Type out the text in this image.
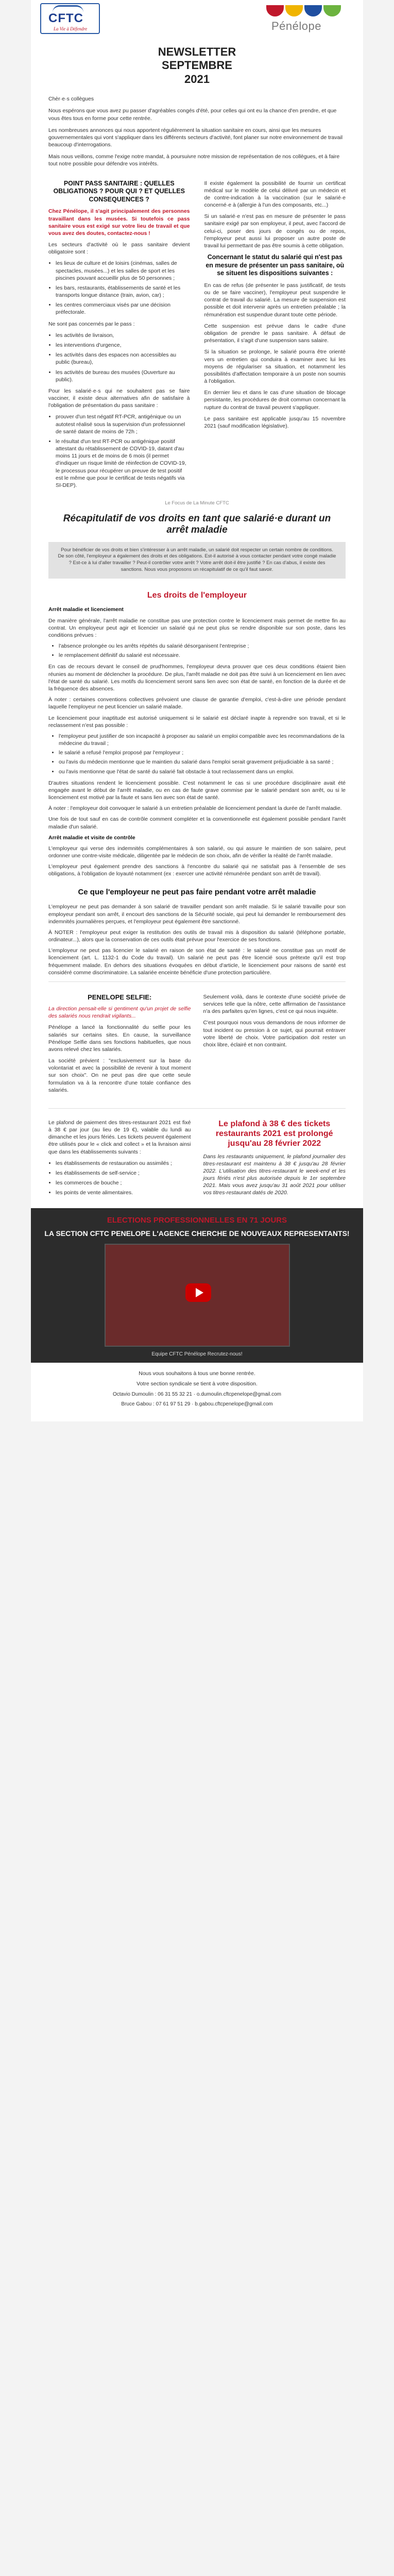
CFTC
La Vie à Défendre	Pénélope
NEWSLETTER
SEPTEMBRE
2021

Chèr·e·s collègues

Nous espérons que vous avez pu passer d'agréables congés d'été, pour celles qui ont eu la chance d'en prendre, et que vous êtes tous en forme pour cette rentrée.

Les nombreuses annonces qui nous apportent régulièrement la situation sanitaire en cours, ainsi que les mesures gouvernementales qui vont s'appliquer dans les différents secteurs d'activité, font planer sur notre environnement de travail beaucoup d'interrogations.

Mais nous veillons, comme l'exige notre mandat, à poursuivre notre mission de représentation de nos collègues, et à faire tout notre possible pour défendre vos intérêts.

POINT PASS SANITAIRE : QUELLES OBLIGATIONS ? POUR QUI ? ET QUELLES CONSEQUENCES ?

Chez Pénélope, il s'agit principalement des personnes travaillant dans les musées. Si toutefois ce pass sanitaire vous est exigé sur votre lieu de travail et que vous avez des doutes, contactez-nous !

Les secteurs d'activité où le pass sanitaire devient obligatoire sont :

• les lieux de culture et de loisirs (cinémas, salles de spectacles, musées...) et les salles de sport et les piscines pouvant accueillir plus de 50 personnes ;
• les bars, restaurants, établissements de santé et les transports longue distance (train, avion, car) ;
• les centres commerciaux visés par une décision préfectorale.

Ne sont pas concernés par le pass :

• les activités de livraison,
• les interventions d'urgence,
• les activités dans des espaces non accessibles au public (bureau),
• les activités de bureau des musées (Ouverture au public).

Pour les salarié·e·s qui ne souhaitent pas se faire vacciner, il existe deux alternatives afin de satisfaire à l'obligation de présentation du pass sanitaire :

• prouver d'un test négatif RT-PCR, antigénique ou un autotest réalisé sous la supervision d'un professionnel de santé datant de moins de 72h ;
• le résultat d'un test RT-PCR ou antigénique positif attestant du rétablissement de COVID-19, datant d'au moins 11 jours et de moins de 6 mois (il permet d'indiquer un risque limité de réinfection de COVID-19, le processus pour récupérer un preuve de test positif est le même que pour le certificat de tests négatifs via SI-DEP).

Il existe également la possibilité de fournir un certificat médical sur le modèle de celui délivré par un médecin et de contre-indication à la vaccination (sur le salarié·e concerné·e à (allergie à l'un des composants, etc...)

Si un salarié·e n'est pas en mesure de présenter le pass sanitaire exigé par son employeur, il peut, avec l'accord de celui-ci, poser des jours de congés ou de repos, l'employeur peut aussi lui proposer un autre poste de travail lui permettant de pas être soumis à cette obligation.

Concernant le statut du salarié qui n'est pas en mesure de présenter un pass sanitaire, où se situent les dispositions suivantes :

En cas de refus (de présenter le pass justificatif, de tests ou de se faire vacciner), l'employeur peut suspendre le contrat de travail du salarié. La mesure de suspension est possible et doit intervenir après un entretien préalable ; la rémunération est suspendue durant toute cette période.

Cette suspension est prévue dans le cadre d'une obligation de prendre le pass sanitaire. À défaut de présentation, il s'agit d'une suspension sans salaire.

Si la situation se prolonge, le salarié pourra être orienté vers un entretien qui conduira à examiner avec lui les moyens de régulariser sa situation, et notamment les possibilités d'affectation temporaire à un poste non soumis à l'obligation.

En dernier lieu et dans le cas d'une situation de blocage persistante, les procédures de droit commun concernant la rupture du contrat de travail peuvent s'appliquer.

Le pass sanitaire est applicable jusqu'au 15 novembre 2021 (sauf modification législative).

Le Focus de La Minute CFTC
Récapitulatif de vos droits en tant que salarié·e durant un arrêt maladie
Pour bénéficier de vos droits et bien s'intéresser à un arrêt maladie, un salarié doit respecter un certain nombre de conditions. De son côté, l'employeur a également des droits et des obligations. Est-il autorisé à vous contacter pendant votre congé maladie ? Est-ce à lui d'aller travailler ? Peut-il contrôler votre arrêt ? Votre arrêt doit-il être justifié ? En cas d'abus, il existe des sanctions. Nous vous proposons un récapitulatif de ce qu'il faut savoir.
Les droits de l'employeur

Arrêt maladie et licenciement

De manière générale, l'arrêt maladie ne constitue pas une protection contre le licenciement mais permet de mettre fin au contrat. Un employeur peut agir et licencier un salarié qui ne peut plus se rendre disponible sur son poste, dans les conditions prévues :

• l'absence prolongée ou les arrêts répétés du salarié désorganisent l'entreprise ;
• le remplacement définitif du salarié est nécessaire.

En cas de recours devant le conseil de prud'hommes, l'employeur devra prouver que ces deux conditions étaient bien réunies au moment de déclencher la procédure. De plus, l'arrêt maladie ne doit pas être suivi à un licenciement en lien avec l'état de santé du salarié. Les motifs du licenciement seront sans lien avec son état de santé, en fonction de la durée et de la fréquence des absences.

À noter : certaines conventions collectives prévoient une clause de garantie d'emploi, c'est-à-dire une période pendant laquelle l'employeur ne peut licencier un salarié malade.

Le licenciement pour inaptitude est autorisé uniquement si le salarié est déclaré inapte à reprendre son travail, et si le reclassement n'est pas possible :

• l'employeur peut justifier de son incapacité à proposer au salarié un emploi compatible avec les recommandations de la médecine du travail ;
• le salarié a refusé l'emploi proposé par l'employeur ;
• ou l'avis du médecin mentionne que le maintien du salarié dans l'emploi serait gravement préjudiciable à sa santé ;
• ou l'avis mentionne que l'état de santé du salarié fait obstacle à tout reclassement dans un emploi.

D'autres situations rendent le licenciement possible. C'est notamment le cas si une procédure disciplinaire avait été engagée avant le début de l'arrêt maladie, ou en cas de faute grave commise par le salarié pendant son arrêt, ou si le licenciement est motivé par la faute et sans lien avec son état de santé.

À noter : l'employeur doit convoquer le salarié à un entretien préalable de licenciement pendant la durée de l'arrêt maladie.

Une fois de tout sauf en cas de contrôle comment compléter et la conventionnelle est également possible pendant l'arrêt maladie d'un salarié.

Arrêt maladie et visite de contrôle

L'employeur qui verse des indemnités complémentaires à son salarié, ou qui assure le maintien de son salaire, peut ordonner une contre-visite médicale, diligentée par le médecin de son choix, afin de vérifier la réalité de l'arrêt maladie.

L'employeur peut également prendre des sanctions à l'encontre du salarié qui ne satisfait pas à l'ensemble de ses obligations, à l'obligation de loyauté notamment (ex : exercer une activité rémunérée pendant son arrêt de travail).

Ce que l'employeur ne peut pas faire pendant votre arrêt maladie

L'employeur ne peut pas demander à son salarié de travailler pendant son arrêt maladie. Si le salarié travaille pour son employeur pendant son arrêt, il encourt des sanctions de la Sécurité sociale, qui peut lui demander le remboursement des indemnités journalières perçues, et l'employeur peut également être sanctionné.

À NOTER : l'employeur peut exiger la restitution des outils de travail mis à disposition du salarié (téléphone portable, ordinateur...), alors que la conservation de ces outils était prévue pour l'exercice de ses fonctions.

L'employeur ne peut pas licencier le salarié en raison de son état de santé : le salarié ne constitue pas un motif de licenciement (art. L. 1132-1 du Code du travail). Un salarié ne peut pas être licencié sous prétexte qu'il est trop fréquemment malade. En dehors des situations évoquées en début d'article, le licenciement pour raisons de santé est considéré comme discriminatoire. La salariée enceinte bénéficie d'une protection particulière.

PENELOPE SELFIE:

La direction pensait-elle si gentiment qu'un projet de selfie des salariés nous rendrait vigilants...

Pénélope a lancé la fonctionnalité du selfie pour les salariés sur certains sites. En cause, la surveillance Pénélope Selfie dans ses fonctions habituelles, que nous avons relevé chez les salariés.

La société prévient : "exclusivement sur la base du volontariat et avec la possibilité de revenir à tout moment sur son choix". On ne peut pas dire que cette seule formulation va à la rencontre d'une totale confiance des salariés.

Seulement voilà, dans le contexte d'une société privée de services telle que la nôtre, cette affirmation de l'assistance n'a des parfaites qu'en lignes, c'est ce qui nous inquiète.

C'est pourquoi nous vous demandons de nous informer de tout incident ou pression à ce sujet, qui pourrait entraver votre liberté de choix. Votre participation doit rester un choix libre, éclairé et non contraint.

Le plafond de paiement des titres-restaurant 2021 est fixé à 38 € par jour (au lieu de 19 €), valable du lundi au dimanche et les jours fériés. Les tickets peuvent également être utilisés pour le « click and collect » et la livraison ainsi que dans les établissements suivants :

• les établissements de restauration ou assimilés ;
• les établissements de self-service ;
• les commerces de bouche ;
• les points de vente alimentaires.
Le plafond à 38 € des tickets restaurants 2021 est prolongé jusqu'au 28 février 2022

Dans les restaurants uniquement, le plafond journalier des titres-restaurant est maintenu à 38 € jusqu'au 28 février 2022. L'utilisation des titres-restaurant le week-end et les jours fériés n'est plus autorisée depuis le 1er septembre 2021. Mais vous avez jusqu'au 31 août 2021 pour utiliser vos titres-restaurant datés de 2020.

ELECTIONS PROFESSIONNELLES EN 71 JOURS
LA SECTION CFTC PENELOPE L'AGENCE CHERCHE DE NOUVEAUX REPRESENTANTS!
Equipe CFTC Pénélope Recrutez-nous!

Nous vous souhaitons à tous une bonne rentrée.

Votre section syndicale se tient à votre disposition.

Octavio Dumoulin : 06 31 55 32 21 · o.dumoulin.cftcpenelope@gmail.com

Bruce Gabou : 07 61 97 51 29 · b.gabou.cftcpenelope@gmail.com
